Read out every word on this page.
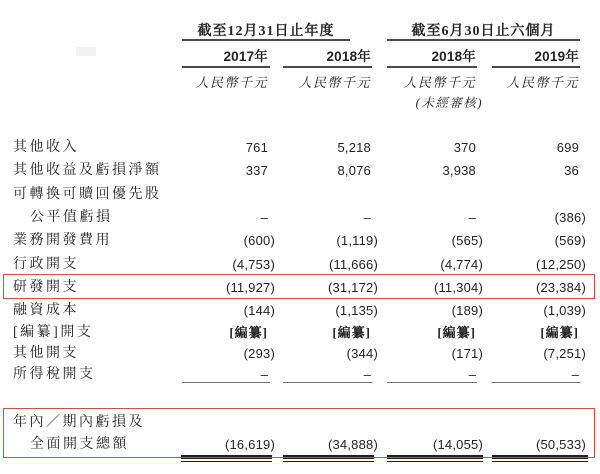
截至12月31日止年度	截至6月30日止六個月
2017年	2018年	2018年	2019年
人民幣千元	人民幣千元	人民幣千元	人民幣千元
(未經審核)
其他收入	761	5,218	370	699
其他收益及虧損淨額	337	8,076	3,938	36
可轉換可贖回優先股
公平值虧損	–	–	–	(386)
業務開發費用	(600)	(1,119)	(565)	(569)
行政開支	(4,753)	(11,666)	(4,774)	(12,250)
研發開支	(11,927)	(31,172)	(11,304)	(23,384)
融資成本	(144)	(1,135)	(189)	(1,039)
[編纂]開支	[編纂]	[編纂]	[編纂]	[編纂]
其他開支	(293)	(344)	(171)	(7,251)
所得稅開支	–	–	–	–
年內／期內虧損及
全面開支總額	(16,619)	(34,888)	(14,055)	(50,533)
